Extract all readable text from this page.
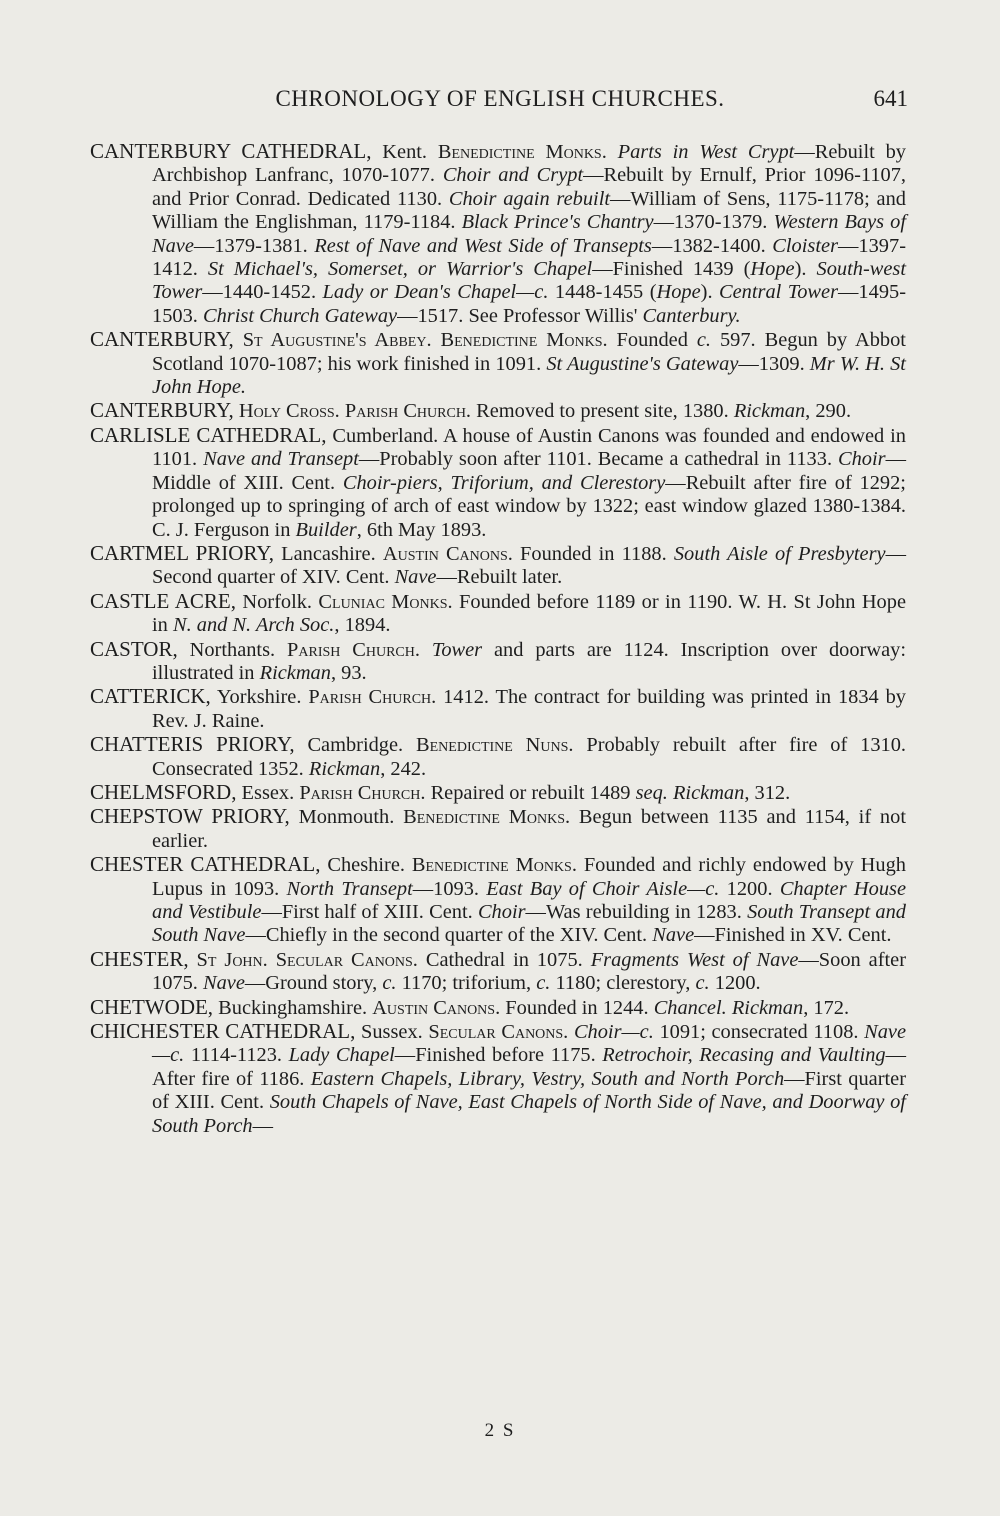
CHRONOLOGY OF ENGLISH CHURCHES.	641

CANTERBURY CATHEDRAL, Kent. Benedictine Monks. Parts in West Crypt—Rebuilt by Archbishop Lanfranc, 1070-1077. Choir and Crypt—Rebuilt by Ernulf, Prior 1096-1107, and Prior Conrad. Dedicated 1130. Choir again rebuilt—William of Sens, 1175-1178; and William the Englishman, 1179-1184. Black Prince's Chantry—1370-1379. Western Bays of Nave—1379-1381. Rest of Nave and West Side of Transepts—1382-1400. Cloister—1397-1412. St Michael's, Somerset, or Warrior's Chapel—Finished 1439 (Hope). South-west Tower—1440-1452. Lady or Dean's Chapel—c. 1448-1455 (Hope). Central Tower—1495-1503. Christ Church Gateway—1517. See Professor Willis' Canterbury.

CANTERBURY, St Augustine's Abbey. Benedictine Monks. Founded c. 597. Begun by Abbot Scotland 1070-1087; his work finished in 1091. St Augustine's Gateway—1309. Mr W. H. St John Hope.

CANTERBURY, Holy Cross. Parish Church. Removed to present site, 1380. Rickman, 290.

CARLISLE CATHEDRAL, Cumberland. A house of Austin Canons was founded and endowed in 1101. Nave and Transept—Probably soon after 1101. Became a cathedral in 1133. Choir—Middle of XIII. Cent. Choir-piers, Triforium, and Clerestory—Rebuilt after fire of 1292; prolonged up to springing of arch of east window by 1322; east window glazed 1380-1384. C. J. Ferguson in Builder, 6th May 1893.

CARTMEL PRIORY, Lancashire. Austin Canons. Founded in 1188. South Aisle of Presbytery—Second quarter of XIV. Cent. Nave—Rebuilt later.

CASTLE ACRE, Norfolk. Cluniac Monks. Founded before 1189 or in 1190. W. H. St John Hope in N. and N. Arch Soc., 1894.

CASTOR, Northants. Parish Church. Tower and parts are 1124. Inscription over doorway: illustrated in Rickman, 93.

CATTERICK, Yorkshire. Parish Church. 1412. The contract for building was printed in 1834 by Rev. J. Raine.

CHATTERIS PRIORY, Cambridge. Benedictine Nuns. Probably rebuilt after fire of 1310. Consecrated 1352. Rickman, 242.

CHELMSFORD, Essex. Parish Church. Repaired or rebuilt 1489 seq. Rickman, 312.

CHEPSTOW PRIORY, Monmouth. Benedictine Monks. Begun between 1135 and 1154, if not earlier.

CHESTER CATHEDRAL, Cheshire. Benedictine Monks. Founded and richly endowed by Hugh Lupus in 1093. North Transept—1093. East Bay of Choir Aisle—c. 1200. Chapter House and Vestibule—First half of XIII. Cent. Choir—Was rebuilding in 1283. South Transept and South Nave—Chiefly in the second quarter of the XIV. Cent. Nave—Finished in XV. Cent.

CHESTER, St John. Secular Canons. Cathedral in 1075. Fragments West of Nave—Soon after 1075. Nave—Ground story, c. 1170; triforium, c. 1180; clerestory, c. 1200.

CHETWODE, Buckinghamshire. Austin Canons. Founded in 1244. Chancel. Rickman, 172.

CHICHESTER CATHEDRAL, Sussex. Secular Canons. Choir—c. 1091; consecrated 1108. Nave—c. 1114-1123. Lady Chapel—Finished before 1175. Retrochoir, Recasing and Vaulting—After fire of 1186. Eastern Chapels, Library, Vestry, South and North Porch—First quarter of XIII. Cent. South Chapels of Nave, East Chapels of North Side of Nave, and Doorway of South Porch—

2 S
